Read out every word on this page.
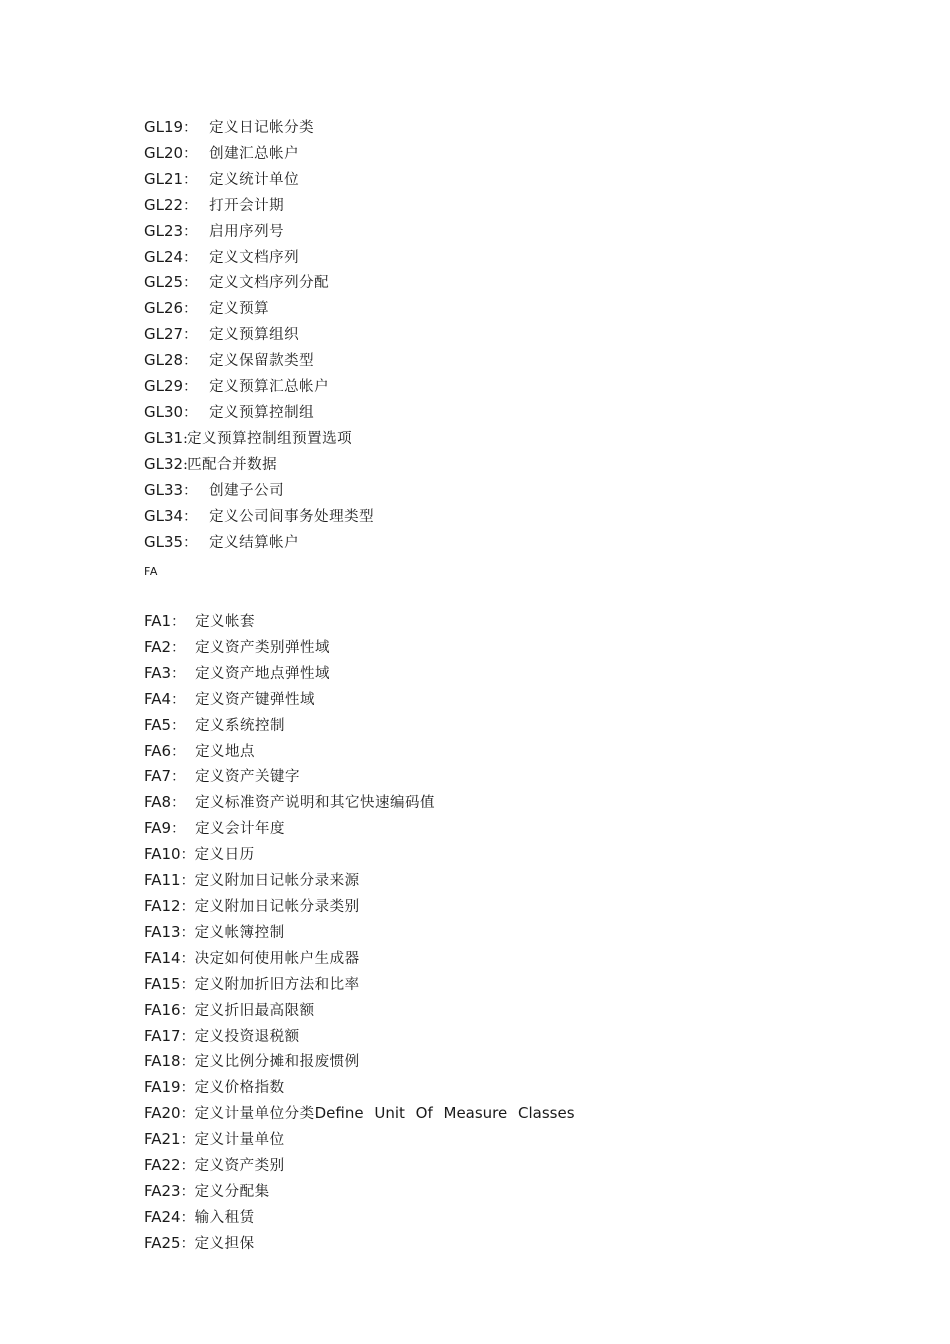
GL19 ： 定义日记帐分类
GL20 ： 创建汇总帐户
GL21 ： 定义统计单位
GL22 ： 打开会计期
GL23 ： 启用序列号
GL24 ： 定义文档序列
GL25 ： 定义文档序列分配
GL26 ： 定义预算
GL27 ： 定义预算组织
GL28 ： 定义保留款类型
GL29 ： 定义预算汇总帐户
GL30 ： 定义预算控制组
GL31 : 定义预算控制组预置选项
GL32 : 匹配合并数据
GL33 ： 创建子公司
GL34 ： 定义公司间事务处理类型
GL35 ： 定义结算帐户
FA
FA1 ： 定义帐套
FA2 ： 定义资产类别弹性域
FA3 ： 定义资产地点弹性域
FA4 ： 定义资产键弹性域
FA5 ： 定义系统控制
FA6 ： 定义地点
FA7 ： 定义资产关键字
FA8 ： 定义标准资产说明和其它快速编码值
FA9 ： 定义会计年度
FA10 ： 定义日历
FA11 ： 定义附加日记帐分录来源
FA12 ： 定义附加日记帐分录类别
FA13 ： 定义帐簿控制
FA14 ： 决定如何使用帐户生成器
FA15 ： 定义附加折旧方法和比率
FA16 ： 定义折旧最高限额
FA17 ： 定义投资退税额
FA18 ： 定义比例分摊和报废惯例
FA19 ： 定义价格指数
FA20 ： 定义计量单位分类 Define Unit Of Measure Classes
FA21 ： 定义计量单位
FA22 ： 定义资产类别
FA23 ： 定义分配集
FA24 ： 输入租赁
FA25 ： 定义担保
